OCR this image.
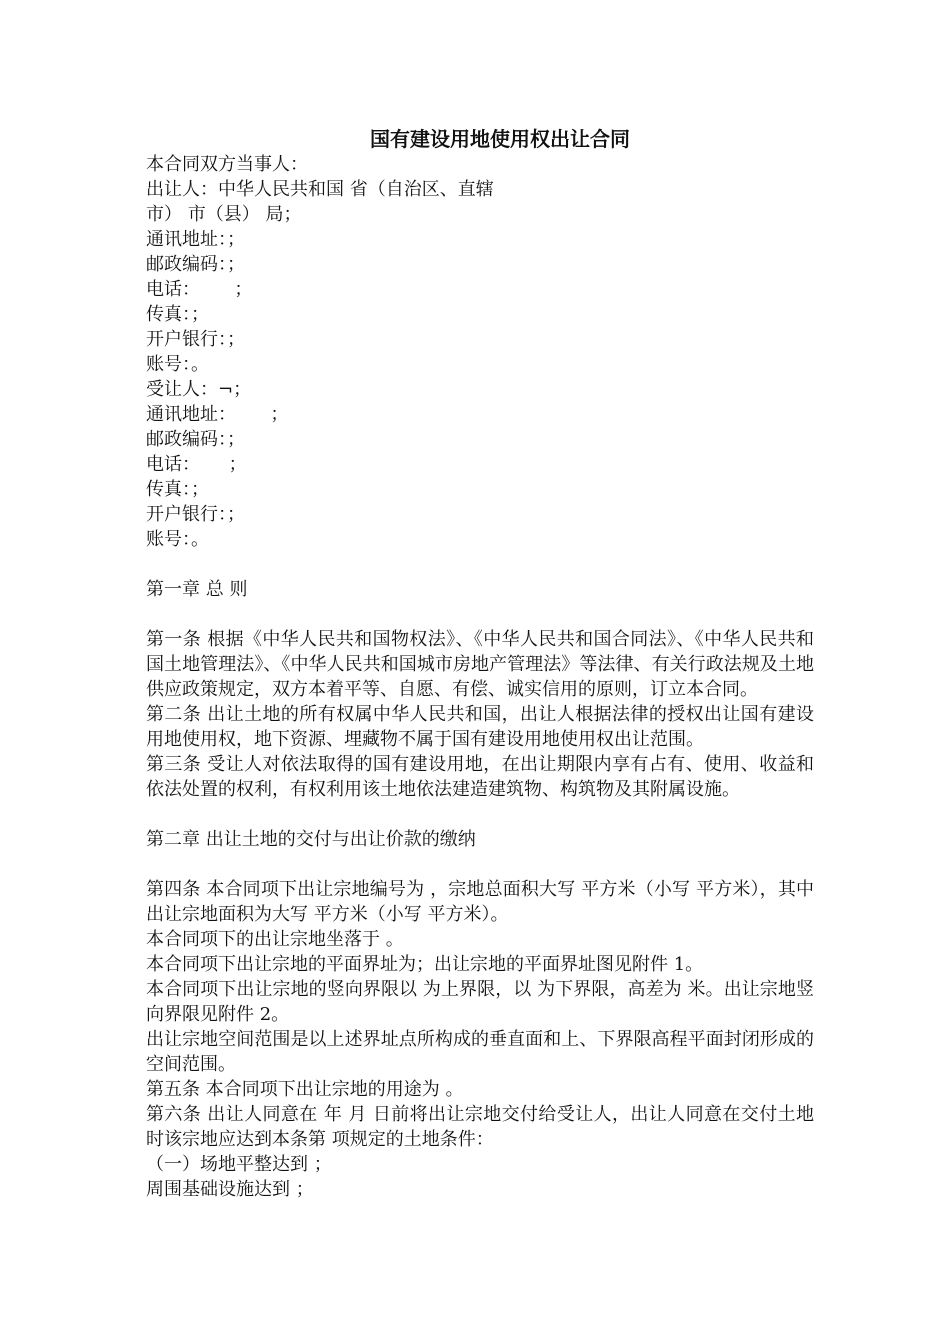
国有建设用地使用权出让合同
本合同双方当事人：
出让人：中华人民共和国 省（自治区、直辖
市） 市（县） 局；
通讯地址：；
邮政编码：；
电话：      ；
传真：；
开户银行：；
账号：。
受让人：¬；
通讯地址：      ；
邮政编码：；
电话：     ；
传真：；
开户银行：；
账号：。
第一章 总 则

第一条 根据《中华人民共和国物权法》、《中华人民共和国合同法》、《中华人民共和国土地管理法》、《中华人民共和国城市房地产管理法》等法律、有关行政法规及土地供应政策规定，双方本着平等、自愿、有偿、诚实信用的原则，订立本合同。

第二条 出让土地的所有权属中华人民共和国，出让人根据法律的授权出让国有建设用地使用权，地下资源、埋藏物不属于国有建设用地使用权出让范围。

第三条 受让人对依法取得的国有建设用地，在出让期限内享有占有、使用、收益和依法处置的权利，有权利用该土地依法建造建筑物、构筑物及其附属设施。

第二章 出让土地的交付与出让价款的缴纳

第四条 本合同项下出让宗地编号为 ，宗地总面积大写 平方米（小写 平方米），其中出让宗地面积为大写 平方米（小写 平方米）。

本合同项下的出让宗地坐落于 。

本合同项下出让宗地的平面界址为；出让宗地的平面界址图见附件 1。

本合同项下出让宗地的竖向界限以 为上界限，以 为下界限，高差为 米。出让宗地竖向界限见附件 2。

出让宗地空间范围是以上述界址点所构成的垂直面和上、下界限高程平面封闭形成的空间范围。

第五条 本合同项下出让宗地的用途为 。

第六条 出让人同意在 年 月 日前将出让宗地交付给受让人，出让人同意在交付土地时该宗地应达到本条第 项规定的土地条件：

（一）场地平整达到 ；

周围基础设施达到 ；
